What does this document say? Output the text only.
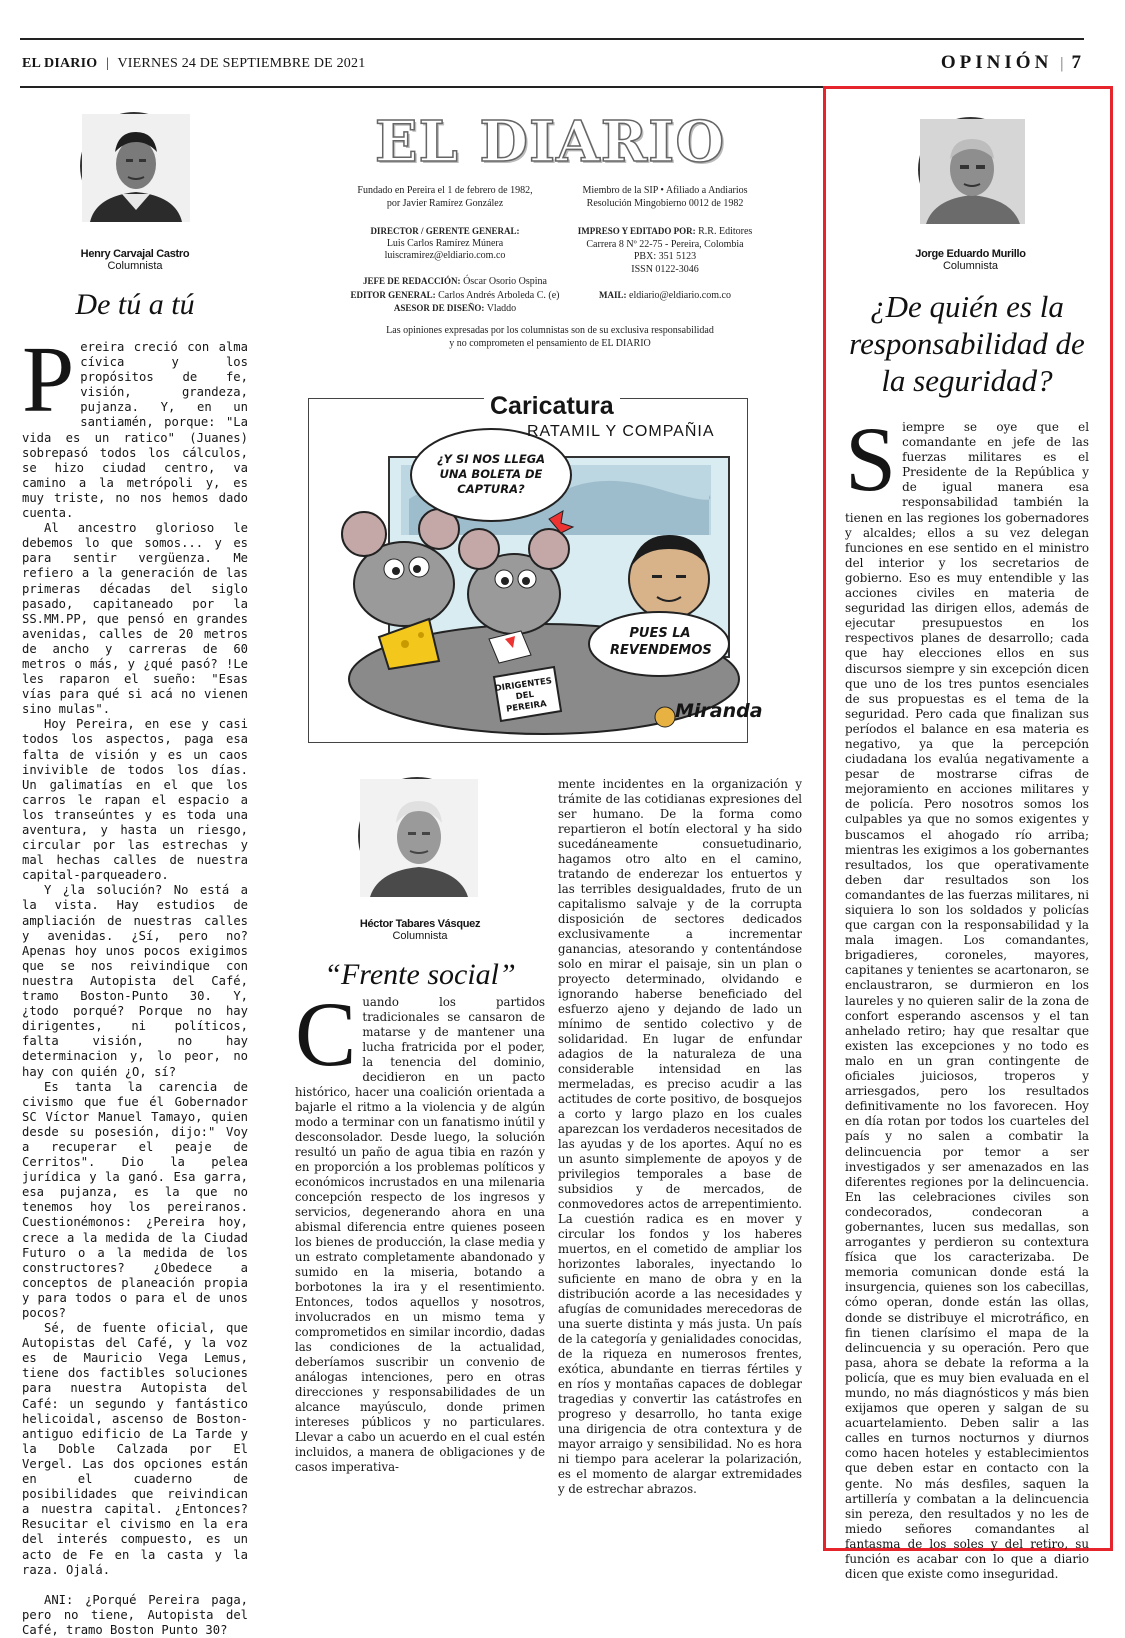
EL DIARIO | VIERNES 24 DE SEPTIEMBRE DE 2021	OPINIÓN | 7
Henry Carvajal Castro
Columnista
De tú a tú

Pereira creció con alma cívica y los propósitos de fe, visión, grandeza, pujanza. Y, en un santiamén, porque: "La vida es un ratico" (Juanes) sobrepasó todos los cálculos, se hizo ciudad centro, va camino a la metrópoli y, es muy triste, no nos hemos dado cuenta.

Al ancestro glorioso le debemos lo que somos... y es para sentir vergüenza. Me refiero a la generación de las primeras décadas del siglo pasado, capitaneado por la SS.MM.PP, que pensó en grandes avenidas, calles de 20 metros de ancho y carreras de 60 metros o más, y ¿qué pasó? !Le les raparon el sueño: "Esas vías para qué si acá no vienen sino mulas".

Hoy Pereira, en ese y casi todos los aspectos, paga esa falta de visión y es un caos invivible de todos los días. Un galimatías en el que los carros le rapan el espacio a los transeúntes y es toda una aventura, y hasta un riesgo, circular por las estrechas y mal hechas calles de nuestra capital-parqueadero.

Y ¿la solución? No está a la vista. Hay estudios de ampliación de nuestras calles y avenidas. ¿Sí, pero no? Apenas hoy unos pocos exigimos que se nos reivindique con nuestra Autopista del Café, tramo Boston-Punto 30. Y, ¿todo porqué? Porque no hay dirigentes, ni políticos, falta visión, no hay determinacion y, lo peor, no hay con quién ¿O, sí?

Es tanta la carencia de civismo que fue él Gobernador SC Víctor Manuel Tamayo, quien desde su posesión, dijo:" Voy a recuperar el peaje de Cerritos". Dio la pelea jurídica y la ganó. Esa garra, esa pujanza, es la que no tenemos hoy los pereiranos. Cuestionémonos: ¿Pereira hoy, crece a la medida de la Ciudad Futuro o a la medida de los constructores? ¿Obedece a conceptos de planeación propia y para todos o para el de unos pocos?

Sé, de fuente oficial, que Autopistas del Café, y la voz es de Mauricio Vega Lemus, tiene dos factibles soluciones para nuestra Autopista del Café: un segundo y fantástico helicoidal, ascenso de Boston-antiguo edificio de La Tarde y la Doble Calzada por El Vergel. Las dos opciones están en el cuaderno de posibilidades que reivindican a nuestra capital. ¿Entonces? Resucitar el civismo en la era del interés compuesto, es un acto de Fe en la casta y la raza. Ojalá.

ANI: ¿Porqué Pereira paga, pero no tiene, Autopista del Café, tramo Boston Punto 30?

EL DIARIO
Fundado en Pereira el 1 de febrero de 1982,
por Javier Ramírez González
Miembro de la SIP • Afiliado a Andiarios
Resolución Mingobierno 0012 de 1982
DIRECTOR / GERENTE GENERAL:
Luis Carlos Ramírez Múnera
luiscramirez@eldiario.com.co
IMPRESO Y EDITADO POR: R.R. Editores
Carrera 8 Nº 22-75 - Pereira, Colombia
PBX: 351 5123
ISSN 0122-3046
JEFE DE REDACCIÓN: Óscar Osorio Ospina
EDITOR GENERAL: Carlos Andrés Arboleda C. (e)
ASESOR DE DISEÑO: Vladdo
MAIL: eldiario@eldiario.com.co
Las opiniones expresadas por los columnistas son de su exclusiva responsabilidad
y no comprometen el pensamiento de EL DIARIO
Caricatura
RATAMIL Y COMPAÑIA
¿Y SI NOS LLEGA UNA BOLETA DE CAPTURA?
PUES LA REVENDEMOS
DIRIGENTES DEL PEREIRA	Miranda
Héctor Tabares Vásquez
Columnista
“Frente social”

Cuando los partidos tradicionales se cansaron de matarse y de mantener una lucha fratricida por el poder, la tenencia del dominio, decidieron en un pacto histórico, hacer una coalición orientada a bajarle el ritmo a la violencia y de algún modo a terminar con un fanatismo inútil y desconsolador. Desde luego, la solución resultó un paño de agua tibia en razón y en proporción a los problemas políticos y económicos incrustados en una milenaria concepción respecto de los ingresos y servicios, degenerando ahora en una abismal diferencia entre quienes poseen los bienes de producción, la clase media y un estrato completamente abandonado y sumido en la miseria, botando a borbotones la ira y el resentimiento. Entonces, todos aquellos y nosotros, involucrados en un mismo tema y comprometidos en similar incordio, dadas las condiciones de la actualidad, deberíamos suscribir un convenio de análogas intenciones, pero en otras direcciones y responsabilidades de un alcance mayúsculo, donde primen intereses públicos y no particulares. Llevar a cabo un acuerdo en el cual estén incluidos, a manera de obligaciones y de casos imperativa-

mente incidentes en la organización y trámite de las cotidianas expresiones del ser humano. De la forma como repartieron el botín electoral y ha sido sucedáneamente consuetudinario, hagamos otro alto en el camino, tratando de enderezar los entuertos y las terribles desigualdades, fruto de un capitalismo salvaje y de la corrupta disposición de sectores dedicados exclusivamente a incrementar ganancias, atesorando y contentándose solo en mirar el paisaje, sin un plan o proyecto determinado, olvidando e ignorando haberse beneficiado del esfuerzo ajeno y dejando de lado un mínimo de sentido colectivo y de solidaridad. En lugar de enfundar adagios de la naturaleza de una considerable intensidad en las mermeladas, es preciso acudir a las actitudes de corte positivo, de bosquejos a corto y largo plazo en los cuales aparezcan los verdaderos necesitados de las ayudas y de los aportes. Aquí no es un asunto simplemente de apoyos y de privilegios temporales a base de subsidios y de mercados, de conmovedores actos de arrepentimiento. La cuestión radica es en mover y circular los fondos y los haberes muertos, en el cometido de ampliar los horizontes laborales, inyectando lo suficiente en mano de obra y en la distribución acorde a las necesidades y afugías de comunidades merecedoras de una suerte distinta y más justa. Un país de la categoría y genialidades conocidas, de la riqueza en numerosos frentes, exótica, abundante en tierras fértiles y en ríos y montañas capaces de doblegar tragedias y convertir las catástrofes en progreso y desarrollo, ho tanta exige una dirigencia de otra contextura y de mayor arraigo y sensibilidad. No es hora ni tiempo para acelerar la polarización, es el momento de alargar extremidades y de estrechar abrazos.

Jorge Eduardo Murillo
Columnista
¿De quién es la responsabilidad de la seguridad?

Siempre se oye que el comandante en jefe de las fuerzas militares es el Presidente de la República y de igual manera esa responsabilidad también la tienen en las regiones los gobernadores y alcaldes; ellos a su vez delegan funciones en ese sentido en el ministro del interior y los secretarios de gobierno. Eso es muy entendible y las acciones civiles en materia de seguridad las dirigen ellos, además de ejecutar presupuestos en los respectivos planes de desarrollo; cada que hay elecciones ellos en sus discursos siempre y sin excepción dicen que uno de los tres puntos esenciales de sus propuestas es el tema de la seguridad. Pero cada que finalizan sus períodos el balance en esa materia es negativo, ya que la percepción ciudadana los evalúa negativamente a pesar de mostrarse cifras de mejoramiento en acciones militares y de policía. Pero nosotros somos los culpables ya que no somos exigentes y buscamos el ahogado río arriba; mientras les exigimos a los gobernantes resultados, los que operativamente deben dar resultados son los comandantes de las fuerzas militares, ni siquiera lo son los soldados y policías que cargan con la responsabilidad y la mala imagen. Los comandantes, brigadieres, coroneles, mayores, capitanes y tenientes se acartonaron, se enclaustraron, se durmieron en los laureles y no quieren salir de la zona de confort esperando ascensos y el tan anhelado retiro; hay que resaltar que existen las excepciones y no todo es malo en un gran contingente de oficiales juiciosos, troperos y arriesgados, pero los resultados definitivamente no los favorecen. Hoy en día rotan por todos los cuarteles del país y no salen a combatir la delincuencia por temor a ser investigados y ser amenazados en las diferentes regiones por la delincuencia. En las celebraciones civiles son condecorados, condecoran a gobernantes, lucen sus medallas, son arrogantes y perdieron su contextura física que los caracterizaba. De memoria comunican donde está la insurgencia, quienes son los cabecillas, cómo operan, donde están las ollas, donde se distribuye el microtráfico, en fin tienen clarísimo el mapa de la delincuencia y su operación. Pero que pasa, ahora se debate la reforma a la policía, que es muy bien evaluada en el mundo, no más diagnósticos y más bien exijamos que operen y salgan de su acuartelamiento. Deben salir a las calles en turnos nocturnos y diurnos como hacen hoteles y establecimientos que deben estar en contacto con la gente. No más desfiles, saquen la artillería y combatan a la delincuencia sin pereza, den resultados y no les de miedo señores comandantes al fantasma de los soles y del retiro, su función es acabar con lo que a diario dicen que existe como inseguridad.
